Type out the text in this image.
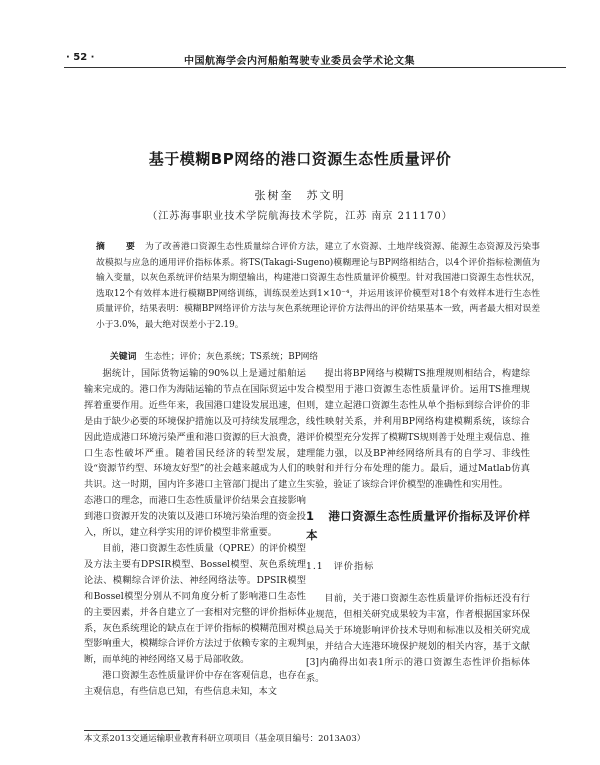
· 52 ·	中国航海学会内河船舶驾驶专业委员会学术论文集
基于模糊BP网络的港口资源生态性质量评价
张树奎　苏文明
（江苏海事职业技术学院航海技术学院，江苏 南京 211170）
摘　要 为了改善港口资源生态性质量综合评价方法，建立了水资源、土地岸线资源、能源生态资源及污染事故模拟与应急的通用评价指标体系。将TS(Takagi-Sugeno)模糊理论与BP网络相结合，以4个评价指标检测值为输入变量，以灰色系统评价结果为期望输出，构建港口资源生态性质量评价模型。针对我国港口资源生态性状况，选取12个有效样本进行模糊BP网络训练，训练误差达到1×10⁻⁴，并运用该评价模型对18个有效样本进行生态性质量评价，结果表明：模糊BP网络评价方法与灰色系统理论评价方法得出的评价结果基本一致，两者最大相对误差小于3.0%，最大绝对误差小于2.19。
关键词 生态性；评价；灰色系统；TS系统；BP网络

据统计，国际货物运输的90%以上是通过船舶运输来完成的。港口作为海陆运输的节点在国际贸运中发挥着重要作用。近些年来，我国港口建设发展迅速，但是由于缺少必要的环境保护措施以及可持续发展理念，因此造成港口环境污染严重和港口资源的巨大浪费，港口生态性破坏严重。随着国民经济的转型发展，建设“资源节约型、环境友好型”的社会越来越成为人们的共识。这一时期，国内许多港口主管部门提出了建立生态港口的理念，而港口生态性质量评价结果会直接影响到港口资源开发的决策以及港口环境污染治理的资金投入，所以，建立科学实用的评价模型非常重要。

目前，港口资源生态性质量（QPRE）的评价模型及方法主要有DPSIR模型、Bossel模型、灰色系统理论法、模糊综合评价法、神经网络法等。DPSIR模型和Bossel模型分别从不同角度分析了影响港口生态性的主要因素，并各自建立了一套相对完整的评价指标体系，灰色系统理论的缺点在于评价指标的模糊范围对模型影响重大，模糊综合评价方法过于依赖专家的主观判断，而单纯的神经网络又易于局部收敛。

港口资源生态性质量评价中存在客观信息，也存在主观信息，有些信息已知，有些信息未知，本文

提出将BP网络与模糊TS推理规则相结合，构建综合模型用于港口资源生态性质量评价。运用TS推理规则，建立起港口资源生态性从单个指标到综合评价的非线性映射关系，并利用BP网络构建模糊系统，该综合评价模型充分发挥了模糊TS规则善于处理主观信息、推理能力强，以及BP神经网络所具有的自学习、非线性映射和并行分布处理的能力。最后，通过Matlab仿真实验，验证了该综合评价模型的准确性和实用性。

1 港口资源生态性质量评价指标及评价样本
1.1 评价指标

目前，关于港口资源生态性质量评价指标还没有行业规范，但相关研究成果较为丰富，作者根据国家环保总局关于环境影响评价技术导则和标准以及相关研究成果，并结合大连港环境保护规划的相关内容，基于文献[3]内确得出如表1所示的港口资源生态性评价指标体系。

本文系2013交通运输职业教育科研立项项目（基金项目编号：2013A03）
